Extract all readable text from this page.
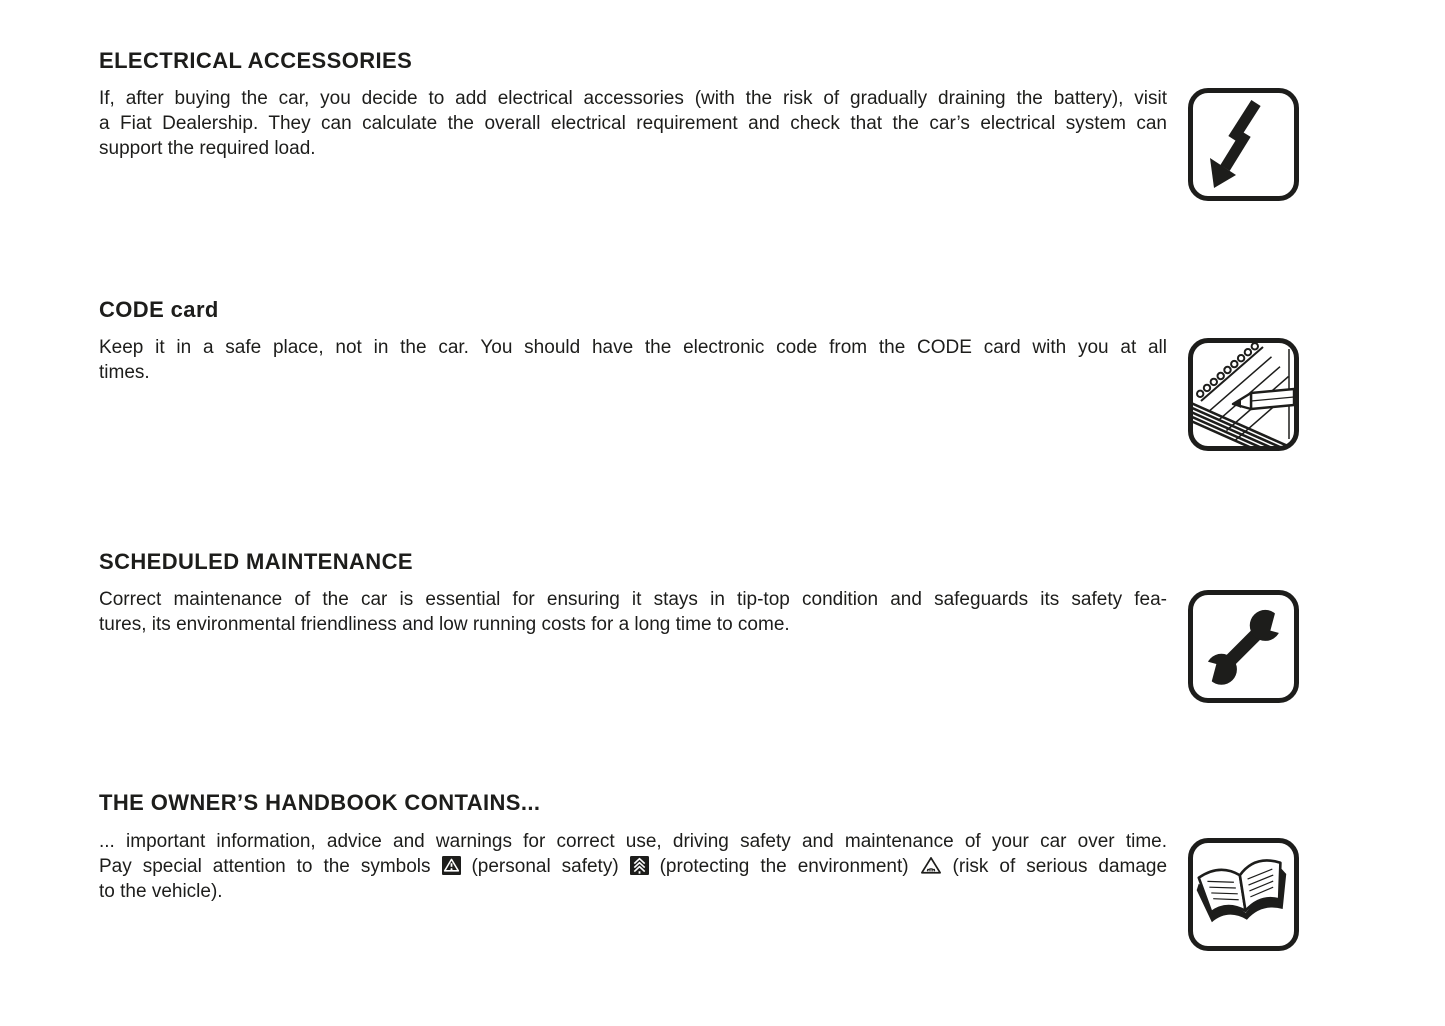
ELECTRICAL ACCESSORIES
If, after buying the car, you decide to add electrical accessories (with the risk of gradually draining the battery), visit
a Fiat Dealership. They can calculate the overall electrical requirement and check that the car’s electrical system can
support the required load.
CODE card
Keep it in a safe place, not in the car. You should have the electronic code from the CODE card with you at all
times.
SCHEDULED MAINTENANCE
Correct maintenance of the car is essential for ensuring it stays in tip-top condition and safeguards its safety fea-
tures, its environmental friendliness and low running costs for a long time to come.
THE OWNER’S HANDBOOK CONTAINS...
... important information, advice and warnings for correct use, driving safety and maintenance of your car over time.
Pay special attention to the symbols (personal safety) (protecting the environment) (risk of serious damage
to the vehicle).
